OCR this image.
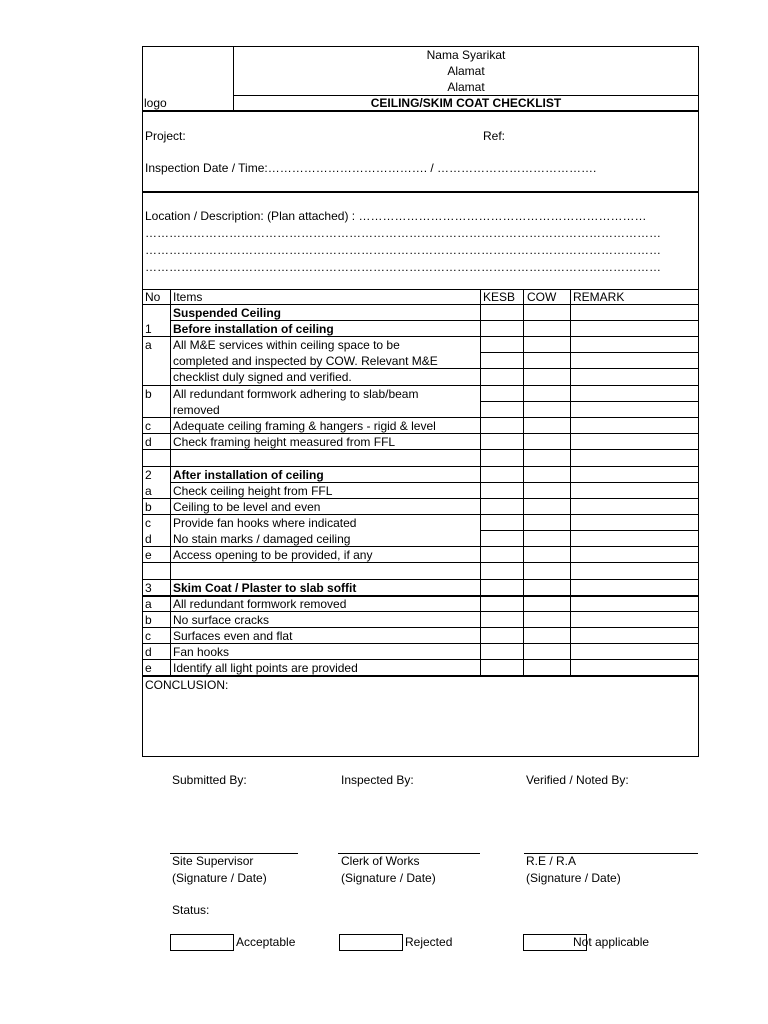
Nama Syarikat
Alamat
Alamat
logo	CEILING/SKIM COAT CHECKLIST
Project:	Ref:
Inspection Date / Time:…………………………………. / ………………………………….
Location / Description: (Plan attached) : ………………………………………………………………
…………………………………………………………………………………………………………………
…………………………………………………………………………………………………………………
…………………………………………………………………………………………………………………
No Items	KESB COW REMARK
Suspended Ceiling
1 Before installation of ceiling
a All M&E services within ceiling space to be
completed and inspected by COW. Relevant M&E
checklist duly signed and verified.
b All redundant formwork adhering to slab/beam
removed
c Adequate ceiling framing & hangers - rigid & level
d Check framing height measured from FFL
2 After installation of ceiling
a Check ceiling height from FFL
b Ceiling to be level and even
c Provide fan hooks where indicated
d No stain marks / damaged ceiling
e Access opening to be provided, if any
3 Skim Coat / Plaster to slab soffit
a All redundant formwork removed
b No surface cracks
c Surfaces even and flat
d Fan hooks
e Identify all light points are provided
CONCLUSION:
Submitted By:	Inspected By:	Verified / Noted By:
Site Supervisor	Clerk of Works	R.E / R.A
(Signature / Date)	(Signature / Date)	(Signature / Date)
Status:
Acceptable	Rejected	Not applicable
